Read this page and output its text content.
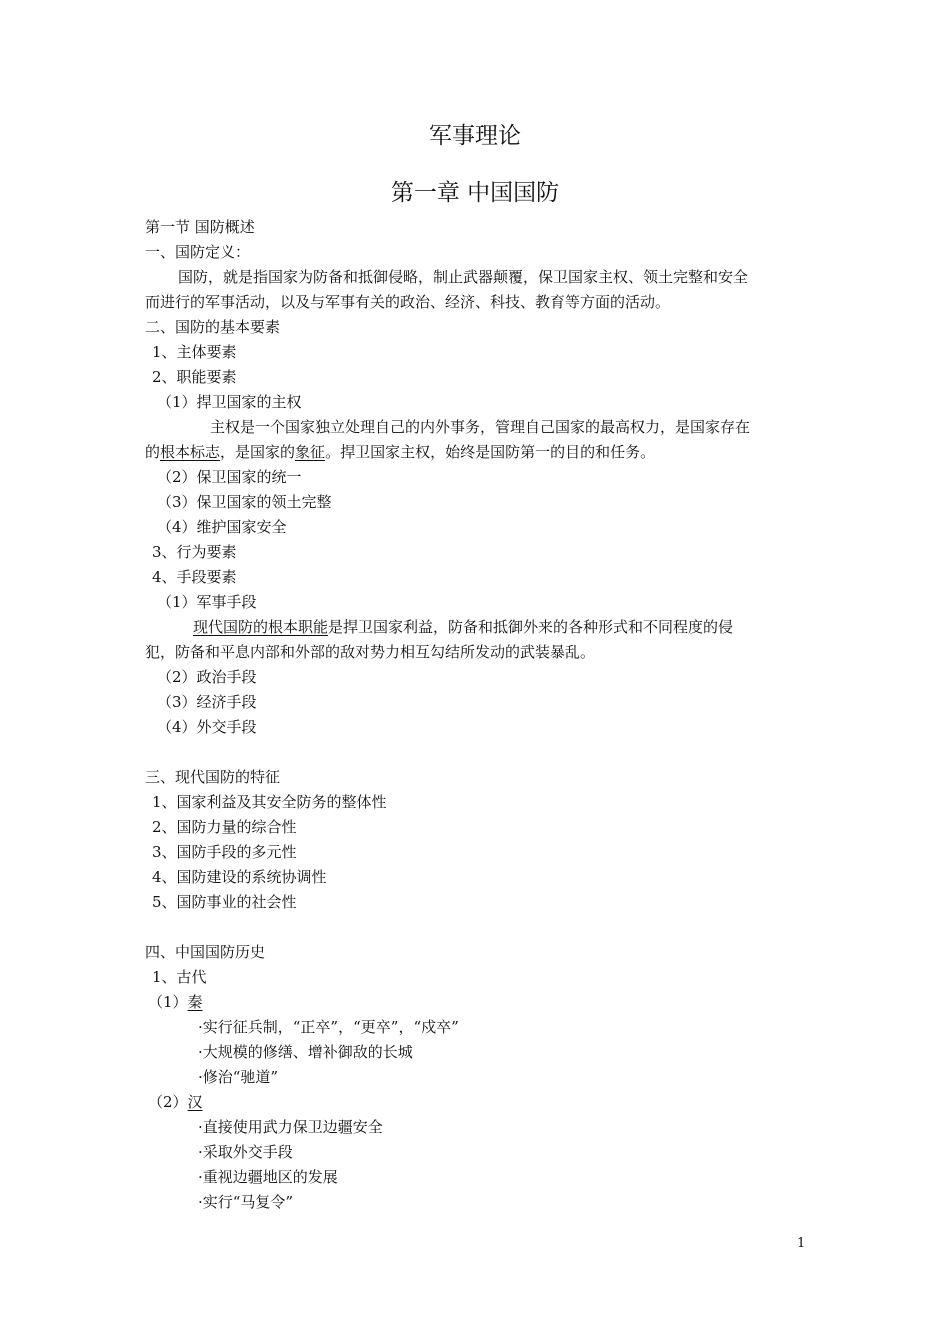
军事理论
第一章 中国国防
第一节 国防概述
一、国防定义：
国防，就是指国家为防备和抵御侵略，制止武器颠覆，保卫国家主权、领土完整和安全
而进行的军事活动，以及与军事有关的政治、经济、科技、教育等方面的活动。
二、国防的基本要素
1、主体要素
2、职能要素
（1）捍卫国家的主权
主权是一个国家独立处理自己的内外事务，管理自己国家的最高权力，是国家存在
的根本标志，是国家的象征。捍卫国家主权，始终是国防第一的目的和任务。
（2）保卫国家的统一
（3）保卫国家的领土完整
（4）维护国家安全
3、行为要素
4、手段要素
（1）军事手段
现代国防的根本职能是捍卫国家利益，防备和抵御外来的各种形式和不同程度的侵
犯，防备和平息内部和外部的敌对势力相互勾结所发动的武装暴乱。
（2）政治手段
（3）经济手段
（4）外交手段
三、现代国防的特征
1、国家利益及其安全防务的整体性
2、国防力量的综合性
3、国防手段的多元性
4、国防建设的系统协调性
5、国防事业的社会性
四、中国国防历史
1、古代
（1）秦
·实行征兵制，“正卒”，“更卒”，“戍卒”
·大规模的修缮、增补御敌的长城
·修治“驰道”
（2）汉
·直接使用武力保卫边疆安全
·采取外交手段
·重视边疆地区的发展
·实行“马复令”
1
